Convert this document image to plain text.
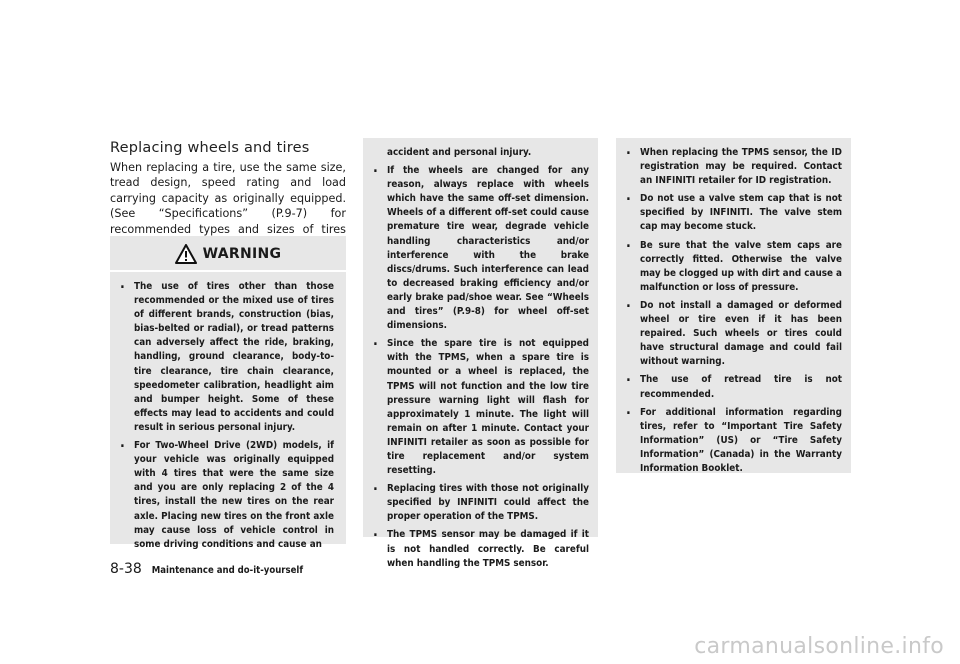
Replacing wheels and tires

When replacing a tire, use the same size, tread design, speed rating and load carrying capacity as originally equipped. (See “Specifications” (P.9-7) for recommended types and sizes of tires

WARNING
. The use of tires other than those recommended or the mixed use of tires of different brands, construction (bias, bias-belted or radial), or tread patterns can adversely affect the ride, braking, handling, ground clearance, body-to-tire clearance, tire chain clearance, speedometer calibration, headlight aim and bumper height. Some of these effects may lead to accidents and could result in serious personal injury.
. For Two-Wheel Drive (2WD) models, if your vehicle was originally equipped with 4 tires that were the same size and you are only replacing 2 of the 4 tires, install the new tires on the rear axle. Placing new tires on the front axle may cause loss of vehicle control in some driving conditions and cause an
accident and personal injury.
. If the wheels are changed for any reason, always replace with wheels which have the same off-set dimension. Wheels of a different off-set could cause premature tire wear, degrade vehicle handling characteristics and/or interference with the brake discs/drums. Such interference can lead to decreased braking efficiency and/or early brake pad/shoe wear. See “Wheels and tires” (P.9-8) for wheel off-set dimensions.
. Since the spare tire is not equipped with the TPMS, when a spare tire is mounted or a wheel is replaced, the TPMS will not function and the low tire pressure warning light will flash for approximately 1 minute. The light will remain on after 1 minute. Contact your INFINITI retailer as soon as possible for tire replacement and/or system resetting.
. Replacing tires with those not originally specified by INFINITI could affect the proper operation of the TPMS.
. The TPMS sensor may be damaged if it is not handled correctly. Be careful when handling the TPMS sensor.
. When replacing the TPMS sensor, the ID registration may be required. Contact an INFINITI retailer for ID registration.
. Do not use a valve stem cap that is not specified by INFINITI. The valve stem cap may become stuck.
. Be sure that the valve stem caps are correctly fitted. Otherwise the valve may be clogged up with dirt and cause a malfunction or loss of pressure.
. Do not install a damaged or deformed wheel or tire even if it has been repaired. Such wheels or tires could have structural damage and could fail without warning.
. The use of retread tire is not recommended.
. For additional information regarding tires, refer to “Important Tire Safety Information” (US) or “Tire Safety Information” (Canada) in the Warranty Information Booklet.
8-38 Maintenance and do-it-yourself
carmanualsonline.info
